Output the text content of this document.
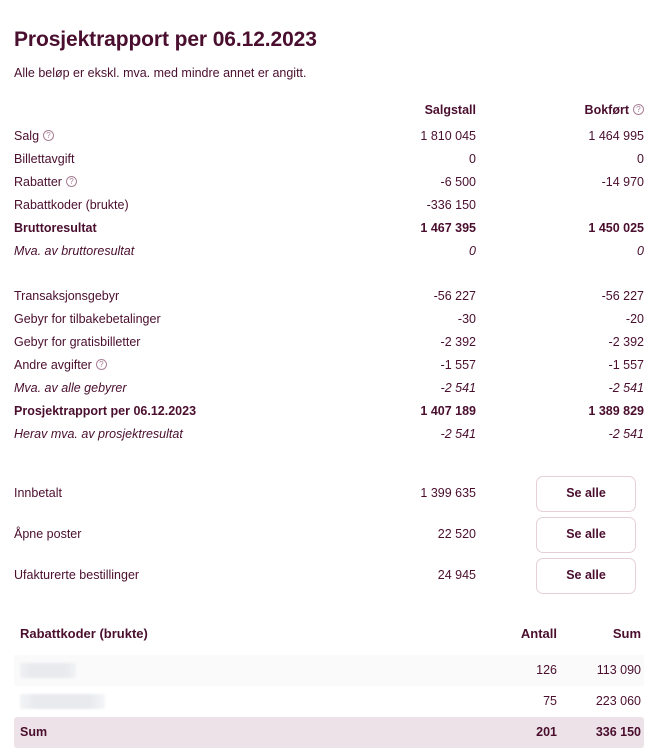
Prosjektrapport per 06.12.2023

Alle beløp er ekskl. mva. med mindre annet er angitt.

	Salgstall	Bokført?
Salg?	1 810 045	1 464 995
Billettavgift	0	0
Rabatter?	-6 500	-14 970
Rabattkoder (brukte)	-336 150	
Bruttoresultat	1 467 395	1 450 025
Mva. av bruttoresultat	0	0

Transaksjonsgebyr	-56 227	-56 227
Gebyr for tilbakebetalinger	-30	-20
Gebyr for gratisbilletter	-2 392	-2 392
Andre avgifter?	-1 557	-1 557
Mva. av alle gebyrer	-2 541	-2 541
Prosjektrapport per 06.12.2023	1 407 189	1 389 829
Herav mva. av prosjektresultat	-2 541	-2 541
Innbetalt	1 399 635	Se alle
Åpne poster	22 520	Se alle
Ufakturerte bestillinger	24 945	Se alle
Rabattkoder (brukte)	Antall	Sum
	126	113 090
	75	223 060
Sum	201	336 150
